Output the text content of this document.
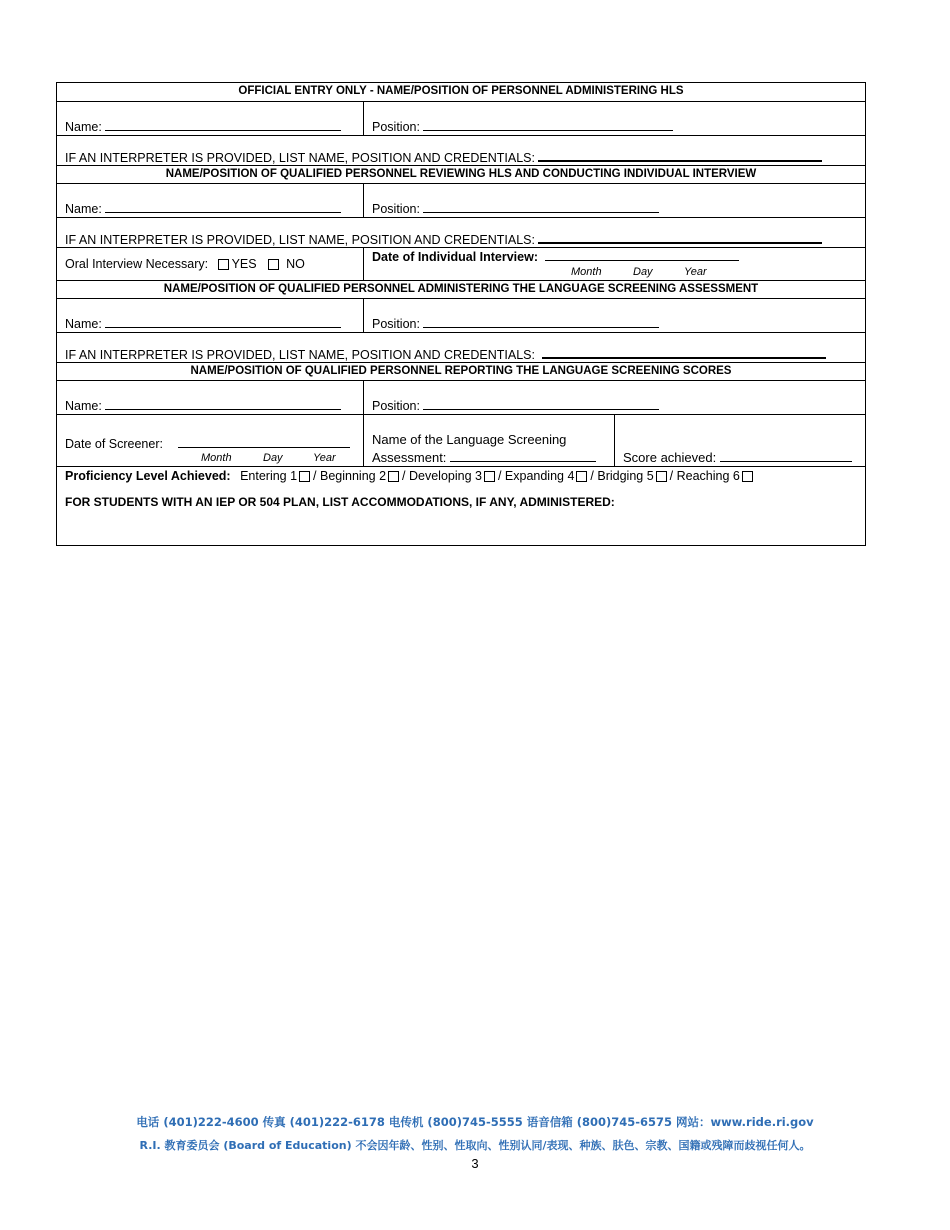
OFFICIAL ENTRY ONLY - NAME/POSITION OF PERSONNEL ADMINISTERING HLS
Name:	Position:
IF AN INTERPRETER IS PROVIDED, LIST NAME, POSITION AND CREDENTIALS:
NAME/POSITION OF QUALIFIED PERSONNEL REVIEWING HLS AND CONDUCTING INDIVIDUAL INTERVIEW
Name:	Position:
IF AN INTERPRETER IS PROVIDED, LIST NAME, POSITION AND CREDENTIALS:
Oral Interview Necessary: YES NO	Date of Individual Interview:
Month	Day	Year
NAME/POSITION OF QUALIFIED PERSONNEL ADMINISTERING THE LANGUAGE SCREENING ASSESSMENT
Name:	Position:
IF AN INTERPRETER IS PROVIDED, LIST NAME, POSITION AND CREDENTIALS:
NAME/POSITION OF QUALIFIED PERSONNEL REPORTING THE LANGUAGE SCREENING SCORES
Name:	Position:
Date of Screener:
Month	Day	Year
Name of the Language Screening
Assessment:	Score achieved:
Proficiency Level Achieved: Entering 1 / Beginning 2 / Developing 3 / Expanding 4 / Bridging 5 / Reaching 6
FOR STUDENTS WITH AN IEP OR 504 PLAN, LIST ACCOMMODATIONS, IF ANY, ADMINISTERED:
电话 (401)222-4600 传真 (401)222-6178 电传机 (800)745-5555 语音信箱 (800)745-6575 网站：www.ride.ri.gov
R.I. 教育委员会 (Board of Education) 不会因年龄、性别、性取向、性别认同/表现、种族、肤色、宗教、国籍或残障而歧视任何人。
3
